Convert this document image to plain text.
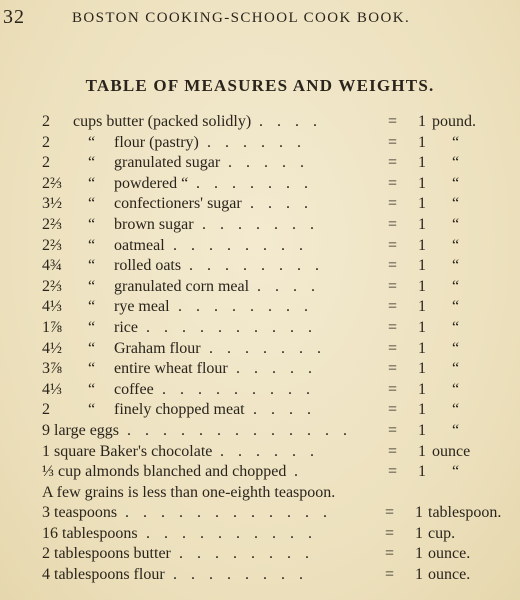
32	BOSTON COOKING-SCHOOL COOK BOOK.
TABLE OF MEASURES AND WEIGHTS.
2 cups butter (packed solidly)	= 1 pound.
. . . .
2 “ flour (pastry)	= 1 “
. . . . . .
2 “ granulated sugar	= 1 “
. . . . .
2⅔ “ powdered “	= 1 “
. . . . . . .
3½ “ confectioners' sugar	= 1 “
. . . .
2⅔ “ brown sugar	= 1 “
. . . . . . .
2⅔ “ oatmeal	= 1 “
. . . . . . . .
4¾ “ rolled oats	= 1 “
. . . . . . . .
2⅔ “ granulated corn meal	= 1 “
. . . .
4⅓ “ rye meal	= 1 “
. . . . . . . .
1⅞ “ rice	= 1 “
. . . . . . . . . .
4½ “ Graham flour	= 1 “
. . . . . . .
3⅞ “ entire wheat flour	= 1 “
. . . . .
4⅓ “ coffee	= 1 “
. . . . . . . . .
2 “ finely chopped meat	= 1 “
. . . .
9 large eggs	= 1 “
. . . . . . . . . . . . .
1 square Baker's chocolate	= 1 ounce
. . . . . .
⅓ cup almonds blanched and chopped	= 1 “
.
A few grains is less than one-eighth teaspoon.
3 teaspoons	= 1 tablespoon.
. . . . . . . . . . . .
16 tablespoons	= 1 cup.
. . . . . . . . . .
2 tablespoons butter	= 1 ounce.
. . . . . . . .
4 tablespoons flour	= 1 ounce.
. . . . . . . .
